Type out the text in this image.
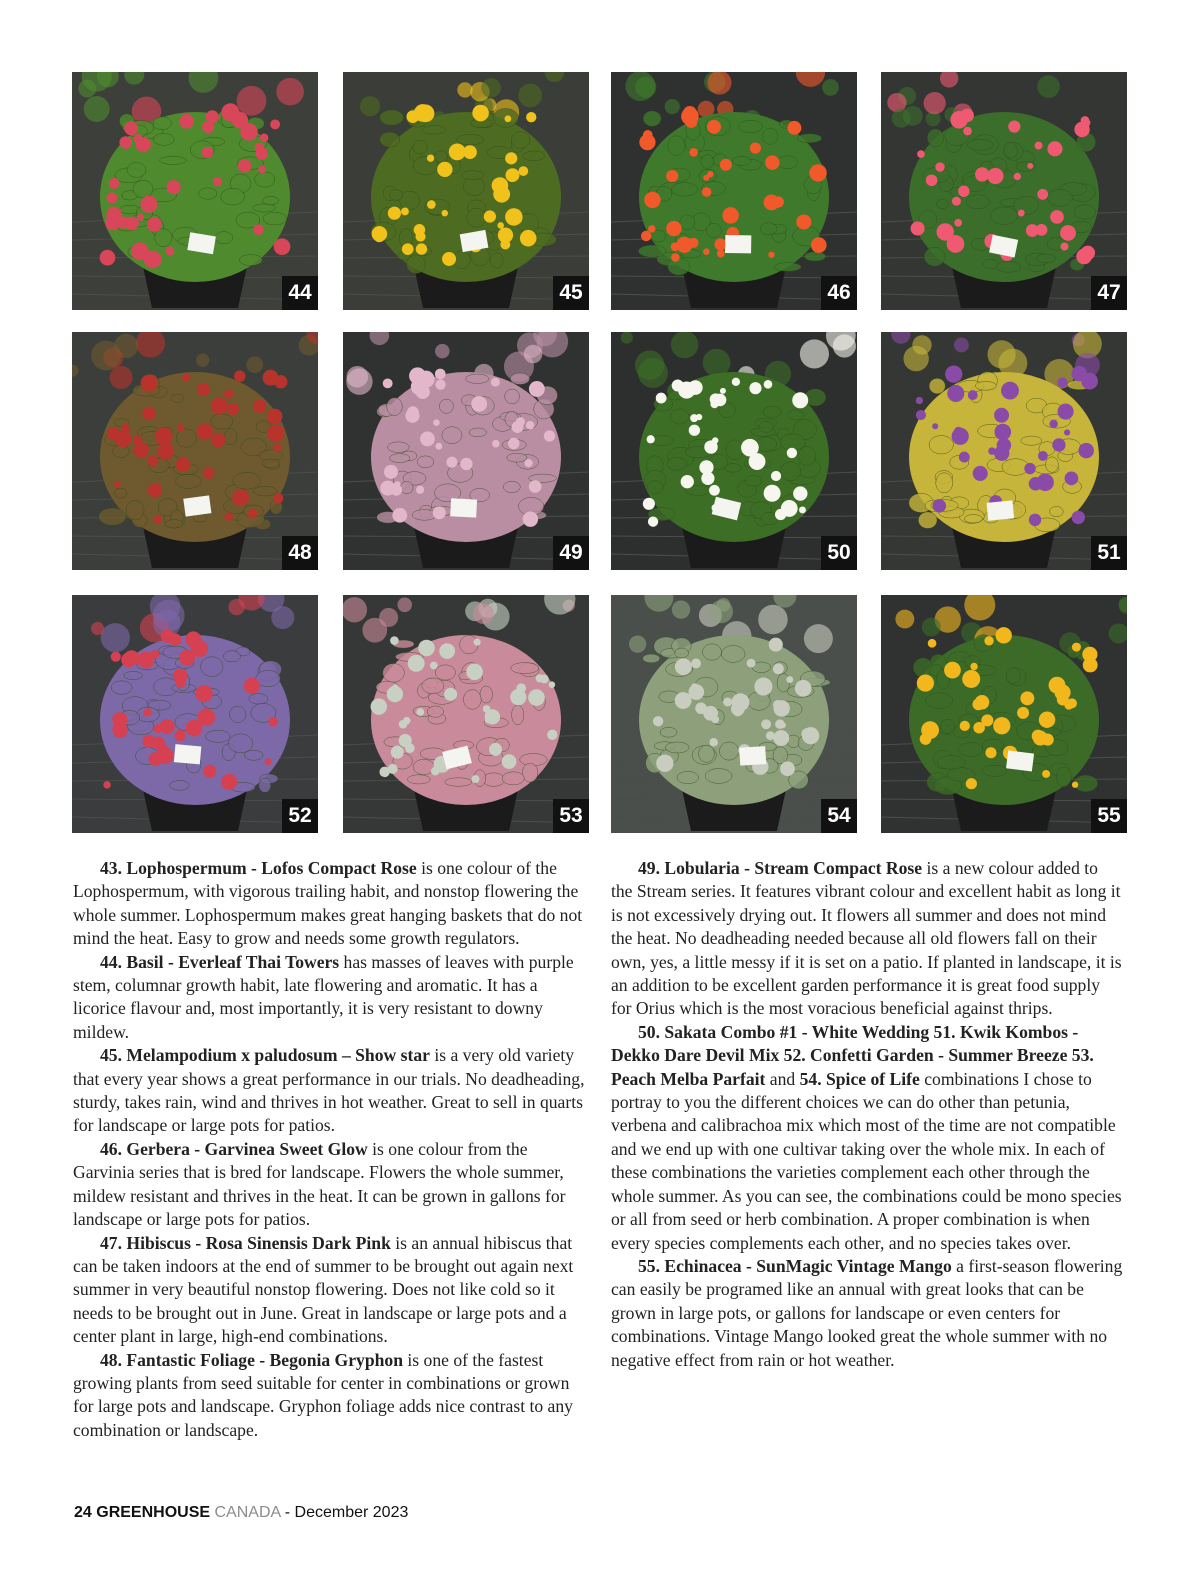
44	45	46	47
48	49	50	51
52	53	54	55

43. Lophospermum - Lofos Compact Rose is one colour of the Lophospermum, with vigorous trailing habit, and nonstop flowering the whole summer. Lophospermum makes great hanging baskets that do not mind the heat. Easy to grow and needs some growth regulators.

44. Basil - Everleaf Thai Towers has masses of leaves with purple stem, columnar growth habit, late flowering and aromatic. It has a licorice flavour and, most importantly, it is very resistant to downy mildew.

45. Melampodium x paludosum – Show star is a very old variety that every year shows a great performance in our trials. No deadheading, sturdy, takes rain, wind and thrives in hot weather. Great to sell in quarts for landscape or large pots for patios.

46. Gerbera - Garvinea Sweet Glow is one colour from the Garvinia series that is bred for landscape. Flowers the whole summer, mildew resistant and thrives in the heat. It can be grown in gallons for landscape or large pots for patios.

47. Hibiscus - Rosa Sinensis Dark Pink is an annual hibiscus that can be taken indoors at the end of summer to be brought out again next summer in very beautiful nonstop flowering. Does not like cold so it needs to be brought out in June. Great in landscape or large pots and a center plant in large, high-end combinations.

48. Fantastic Foliage - Begonia Gryphon is one of the fastest growing plants from seed suitable for center in combinations or grown for large pots and landscape. Gryphon foliage adds nice contrast to any combination or landscape.

49. Lobularia - Stream Compact Rose is a new colour added to the Stream series. It features vibrant colour and excellent habit as long it is not excessively drying out. It flowers all summer and does not mind the heat. No deadheading needed because all old flowers fall on their own, yes, a little messy if it is set on a patio. If planted in landscape, it is an addition to be excellent garden performance it is great food supply for Orius which is the most voracious beneficial against thrips.

50. Sakata Combo #1 - White Wedding 51. Kwik Kombos - Dekko Dare Devil Mix 52. Confetti Garden - Summer Breeze 53. Peach Melba Parfait and 54. Spice of Life combinations I chose to portray to you the different choices we can do other than petunia, verbena and calibrachoa mix which most of the time are not compatible and we end up with one cultivar taking over the whole mix. In each of these combinations the varieties complement each other through the whole summer. As you can see, the combinations could be mono species or all from seed or herb combination. A proper combination is when every species complements each other, and no species takes over.

55. Echinacea - SunMagic Vintage Mango a first-season flowering can easily be programed like an annual with great looks that can be grown in large pots, or gallons for landscape or even centers for combinations. Vintage Mango looked great the whole summer with no negative effect from rain or hot weather.

24 GREENHOUSE CANADA - December 2023
